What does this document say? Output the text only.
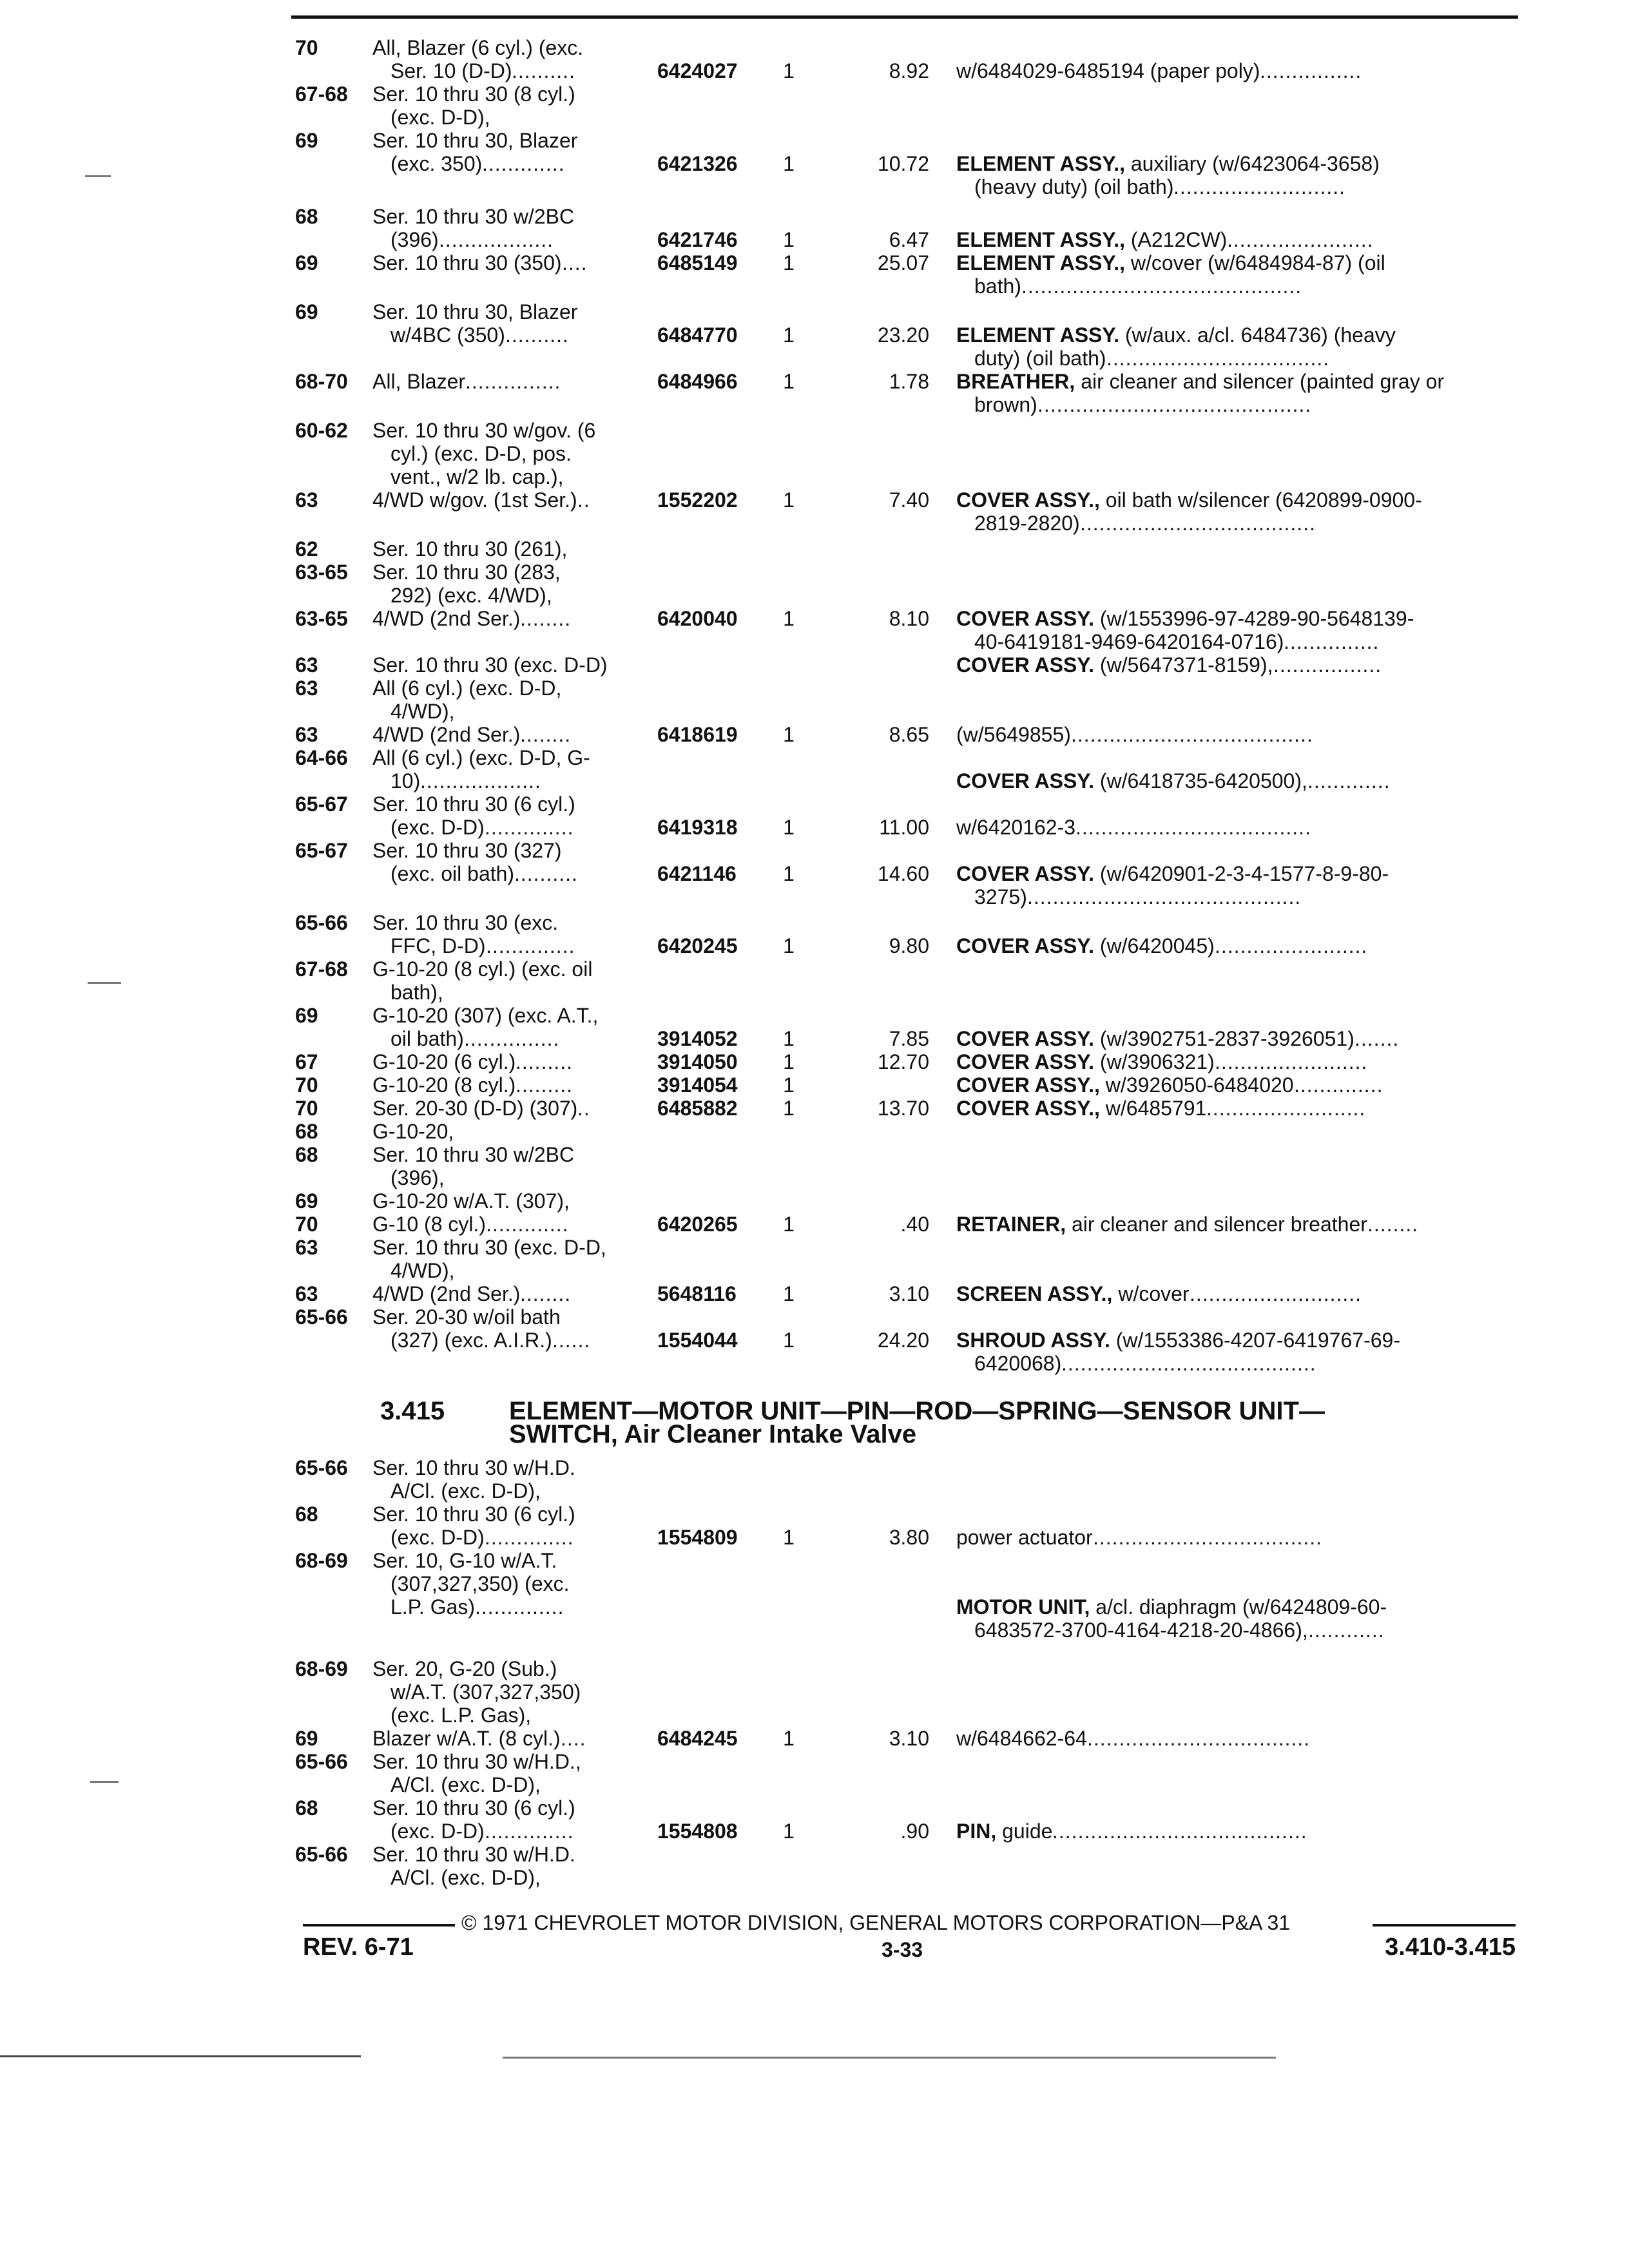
70	All, Blazer (6 cyl.) (exc.
Ser. 10 (D-D) ..........	6424027	1	8.92 w/6484029-6485194 (paper poly) ................
67-68 Ser. 10 thru 30 (8 cyl.)
(exc. D-D),
69	Ser. 10 thru 30, Blazer
(exc. 350) .............	6421326	1	10.72 ELEMENT ASSY., auxiliary (w/6423064-3658)
(heavy duty) (oil bath) ...........................
68	Ser. 10 thru 30 w/2BC
(396) ..................	6421746	1	6.47 ELEMENT ASSY., (A212CW) .......................
69	Ser. 10 thru 30 (350) ....	6485149	1	25.07 ELEMENT ASSY., w/cover (w/6484984-87) (oil
bath) ............................................
69	Ser. 10 thru 30, Blazer
w/4BC (350) ..........	6484770	1	23.20 ELEMENT ASSY. (w/aux. a/cl. 6484736) (heavy
duty) (oil bath) ...................................
68-70 All, Blazer ...............	6484966	1	1.78 BREATHER, air cleaner and silencer (painted gray or
brown) ...........................................
60-62 Ser. 10 thru 30 w/gov. (6
cyl.) (exc. D-D, pos.
vent., w/2 lb. cap.),
63	4/WD w/gov. (1st Ser.) ..	1552202	1	7.40 COVER ASSY., oil bath w/silencer (6420899-0900-
2819-2820) .....................................
62	Ser. 10 thru 30 (261),
63-65 Ser. 10 thru 30 (283,
292) (exc. 4/WD),
63-65 4/WD (2nd Ser.) ........	6420040	1	8.10 COVER ASSY. (w/1553996-97-4289-90-5648139-
40-6419181-9469-6420164-0716) ...............
63	Ser. 10 thru 30 (exc. D-D)	COVER ASSY. (w/5647371-8159), .................
63	All (6 cyl.) (exc. D-D,
4/WD),
63	4/WD (2nd Ser.) ........	6418619	1	8.65 (w/5649855) ......................................
64-66 All (6 cyl.) (exc. D-D, G-
10) ...................	COVER ASSY. (w/6418735-6420500), .............
65-67 Ser. 10 thru 30 (6 cyl.)
(exc. D-D) ..............	6419318	1	11.00 w/6420162-3 .....................................
65-67 Ser. 10 thru 30 (327)
(exc. oil bath) ..........	6421146	1	14.60 COVER ASSY. (w/6420901-2-3-4-1577-8-9-80-
3275) ...........................................
65-66 Ser. 10 thru 30 (exc.
FFC, D-D) ..............	6420245	1	9.80 COVER ASSY. (w/6420045) ........................
67-68 G-10-20 (8 cyl.) (exc. oil
bath),
69	G-10-20 (307) (exc. A.T.,
oil bath) ...............	3914052	1	7.85 COVER ASSY. (w/3902751-2837-3926051) .......
67	G-10-20 (6 cyl.) .........	3914050	1	12.70 COVER ASSY. (w/3906321) ........................
70	G-10-20 (8 cyl.) .........	3914054	1	COVER ASSY., w/3926050-6484020 ..............
70	Ser. 20-30 (D-D) (307) ..	6485882	1	13.70 COVER ASSY., w/6485791 .........................
68	G-10-20,
68	Ser. 10 thru 30 w/2BC
(396),
69	G-10-20 w/A.T. (307),
70	G-10 (8 cyl.) .............	6420265	1	.40 RETAINER, air cleaner and silencer breather ........
63	Ser. 10 thru 30 (exc. D-D,
4/WD),
63	4/WD (2nd Ser.) ........	5648116	1	3.10 SCREEN ASSY., w/cover ...........................
65-66 Ser. 20-30 w/oil bath
(327) (exc. A.I.R.) ......	1554044	1	24.20 SHROUD ASSY. (w/1553386-4207-6419767-69-
6420068) ........................................
65-66 Ser. 10 thru 30 w/H.D.
A/Cl. (exc. D-D),
68	Ser. 10 thru 30 (6 cyl.)
(exc. D-D) ..............	1554809	1	3.80 power actuator ....................................
68-69 Ser. 10, G-10 w/A.T.
(307,327,350) (exc.
L.P. Gas) ..............	MOTOR UNIT, a/cl. diaphragm (w/6424809-60-
6483572-3700-4164-4218-20-4866), ............
68-69 Ser. 20, G-20 (Sub.)
w/A.T. (307,327,350)
(exc. L.P. Gas),
69	Blazer w/A.T. (8 cyl.) ....	6484245	1	3.10 w/6484662-64 ...................................
65-66 Ser. 10 thru 30 w/H.D.,
A/Cl. (exc. D-D),
68	Ser. 10 thru 30 (6 cyl.)
(exc. D-D) ..............	1554808	1	.90 PIN, guide ........................................
65-66 Ser. 10 thru 30 w/H.D.
A/Cl. (exc. D-D),
3.415 ELEMENT—MOTOR UNIT—PIN—ROD—SPRING—SENSOR UNIT—
SWITCH, Air Cleaner Intake Valve
© 1971 CHEVROLET MOTOR DIVISION, GENERAL MOTORS CORPORATION—P&A 31
REV. 6-71	3-33	3.410-3.415
